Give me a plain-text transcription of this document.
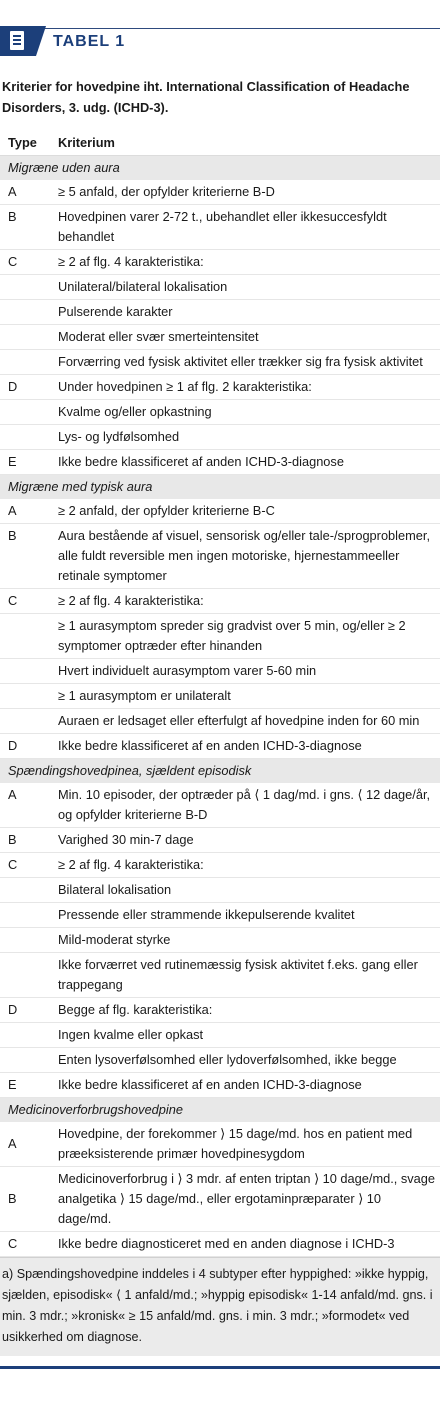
TABEL 1
Kriterier for hovedpine iht. International Classification of Headache Disorders, 3. udg. (ICHD-3).
Type	Kriterium
Migræne uden aura	
A	≥ 5 anfald, der opfylder kriterierne B-D
B	Hovedpinen varer 2-72 t., ubehandlet eller ikkesuccesfyldt behandlet
C	≥ 2 af flg. 4 karakteristika:
	Unilateral/bilateral lokalisation
	Pulserende karakter
	Moderat eller svær smerteintensitet
	Forværring ved fysisk aktivitet eller trækker sig fra fysisk aktivitet
D	Under hovedpinen ≥ 1 af flg. 2 karakteristika:
	Kvalme og/eller opkastning
	Lys- og lydfølsomhed
E	Ikke bedre klassificeret af anden ICHD-3-diagnose
Migræne med typisk aura	
A	≥ 2 anfald, der opfylder kriterierne B-C
B	Aura bestående af visuel, sensorisk og/eller tale-/sprogproblemer, alle fuldt reversible men ingen motoriske, hjernestammeeller retinale symptomer
C	≥ 2 af flg. 4 karakteristika:
	≥ 1 aurasymptom spreder sig gradvist over 5 min, og/eller ≥ 2 symptomer optræder efter hinanden
	Hvert individuelt aurasymptom varer 5-60 min
	≥ 1 aurasymptom er unilateralt
	Auraen er ledsaget eller efterfulgt af hovedpine inden for 60 min
D	Ikke bedre klassificeret af en anden ICHD-3-diagnose
Spændingshovedpinea, sjældent episodisk	
A	Min. 10 episoder, der optræder på ⟨ 1 dag/md. i gns. ⟨ 12 dage/år, og opfylder kriterierne B-D
B	Varighed 30 min-7 dage
C	≥ 2 af flg. 4 karakteristika:
	Bilateral lokalisation
	Pressende eller strammende ikkepulserende kvalitet
	Mild-moderat styrke
	Ikke forværret ved rutinemæssig fysisk aktivitet f.eks. gang eller trappegang
D	Begge af flg. karakteristika:
	Ingen kvalme eller opkast
	Enten lysoverfølsomhed eller lydoverfølsomhed, ikke begge
E	Ikke bedre klassificeret af en anden ICHD-3-diagnose
Medicinoverforbrugshovedpine	
A	Hovedpine, der forekommer ⟩ 15 dage/md. hos en patient med præeksisterende primær hovedpinesygdom
B	Medicinoverforbrug i ⟩ 3 mdr. af enten triptan ⟩ 10 dage/md., svage analgetika ⟩ 15 dage/md., eller ergotaminpræparater ⟩ 10 dage/md.
C	Ikke bedre diagnosticeret med en anden diagnose i ICHD-3
a) Spændingshovedpine inddeles i 4 subtyper efter hyppighed: »ikke hyppig, sjælden, episodisk« ⟨ 1 anfald/md.; »hyppig episodisk« 1-14 anfald/md. gns. i min. 3 mdr.; »kronisk« ≥ 15 anfald/md. gns. i min. 3 mdr.; »formodet« ved usikkerhed om diagnose.
